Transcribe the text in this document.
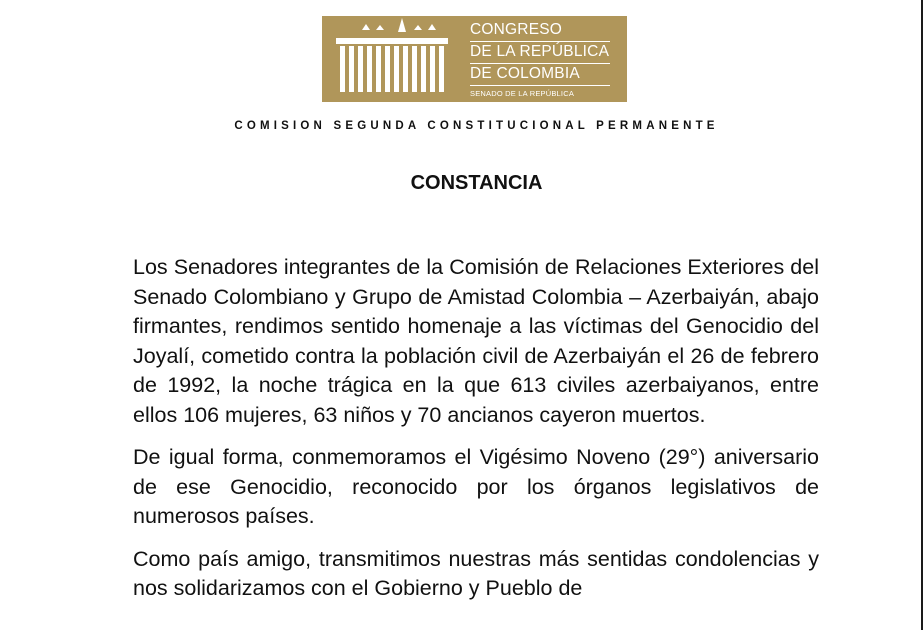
CONGRESO
DE LA REPÚBLICA
DE COLOMBIA
SENADO DE LA REPÚBLICA
COMISION SEGUNDA CONSTITUCIONAL PERMANENTE
CONSTANCIA

Los Senadores integrantes de la Comisión de Relaciones Exteriores del Senado Colombiano y Grupo de Amistad Colombia – Azerbaiyán, abajo firmantes, rendimos sentido homenaje a las víctimas del Genocidio del Joyalí, cometido contra la población civil de Azerbaiyán el 26 de febrero de 1992, la noche trágica en la que 613 civiles azerbaiyanos, entre ellos 106 mujeres, 63 niños y 70 ancianos cayeron muertos.

De igual forma, conmemoramos el Vigésimo Noveno (29°) aniversario de ese Genocidio, reconocido por los órganos legislativos de numerosos países.

Como país amigo, transmitimos nuestras más sentidas condolencias y nos solidarizamos con el Gobierno y Pueblo de
